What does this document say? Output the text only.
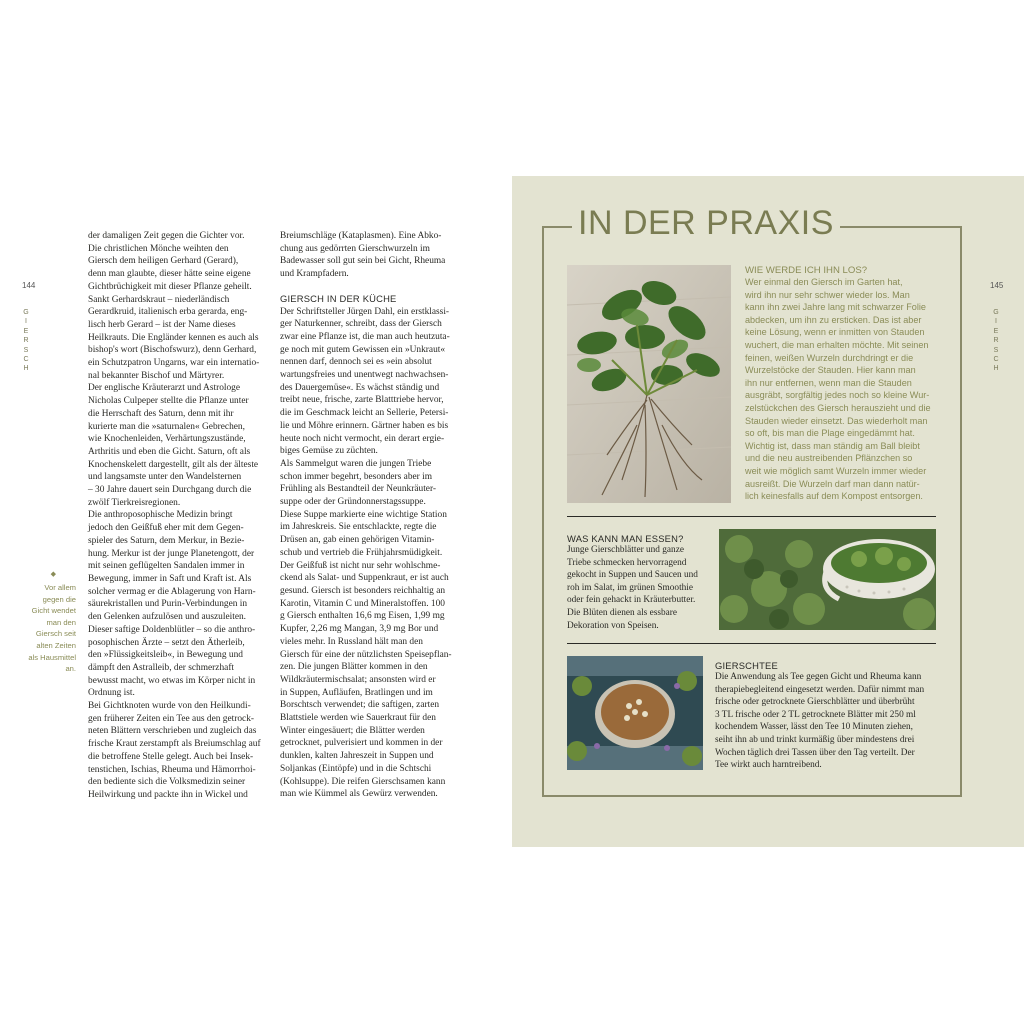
144
G
I
E
R
S
C
H
◆
Vor allem gegen die Gicht wendet man den Giersch seit alten Zeiten als Hausmittel an.

der damaligen Zeit gegen die Gichter vor.

Die christlichen Mönche weihten den

Giersch dem heiligen Gerhard (Gerard),

denn man glaubte, dieser hätte seine eigene

Gichtbrüchigkeit mit dieser Pflanze geheilt.

Sankt Gerhardskraut – niederländisch

Gerardkruid, italienisch erba gerarda, eng-

lisch herb Gerard – ist der Name dieses

Heilkrauts. Die Engländer kennen es auch als

bishop's wort (Bischofswurz), denn Gerhard,

ein Schutzpatron Ungarns, war ein internatio-

nal bekannter Bischof und Märtyrer.

Der englische Kräuterarzt und Astrologe

Nicholas Culpeper stellte die Pflanze unter

die Herrschaft des Saturn, denn mit ihr

kurierte man die »saturnalen« Gebrechen,

wie Knochenleiden, Verhärtungszustände,

Arthritis und eben die Gicht. Saturn, oft als

Knochenskelett dargestellt, gilt als der älteste

und langsamste unter den Wandelsternen

– 30 Jahre dauert sein Durchgang durch die

zwölf Tierkreisregionen.

Die anthroposophische Medizin bringt

jedoch den Geißfuß eher mit dem Gegen-

spieler des Saturn, dem Merkur, in Bezie-

hung. Merkur ist der junge Planetengott, der

mit seinen geflügelten Sandalen immer in

Bewegung, immer in Saft und Kraft ist. Als

solcher vermag er die Ablagerung von Harn-

säurekristallen und Purin-Verbindungen in

den Gelenken aufzulösen und auszuleiten.

Dieser saftige Doldenblütler – so die anthro-

posophischen Ärzte – setzt den Ätherleib,

den »Flüssigkeitsleib«, in Bewegung und

dämpft den Astralleib, der schmerzhaft

bewusst macht, wo etwas im Körper nicht in

Ordnung ist.

Bei Gichtknoten wurde von den Heilkundi-

gen früherer Zeiten ein Tee aus den getrock-

neten Blättern verschrieben und zugleich das

frische Kraut zerstampft als Breiumschlag auf

die betroffene Stelle gelegt. Auch bei Insek-

tenstichen, Ischias, Rheuma und Hämorrhoi-

den bediente sich die Volksmedizin seiner

Heilwirkung und packte ihn in Wickel und

Breiumschläge (Kataplasmen). Eine Abko-

chung aus gedörrten Gierschwurzeln im

Badewasser soll gut sein bei Gicht, Rheuma

und Krampfadern.

GIERSCH IN DER KÜCHE

Der Schriftsteller Jürgen Dahl, ein erstklassi-

ger Naturkenner, schreibt, dass der Giersch

zwar eine Pflanze ist, die man auch heutzuta-

ge noch mit gutem Gewissen ein »Unkraut«

nennen darf, dennoch sei es »ein absolut

wartungsfreies und unentwegt nachwachsen-

des Dauergemüse«. Es wächst ständig und

treibt neue, frische, zarte Blatttriebe hervor,

die im Geschmack leicht an Sellerie, Petersi-

lie und Möhre erinnern. Gärtner haben es bis

heute noch nicht vermocht, ein derart ergie-

biges Gemüse zu züchten.

Als Sammelgut waren die jungen Triebe

schon immer begehrt, besonders aber im

Frühling als Bestandteil der Neunkräuter-

suppe oder der Gründonnerstagssuppe.

Diese Suppe markierte eine wichtige Station

im Jahreskreis. Sie entschlackte, regte die

Drüsen an, gab einen gehörigen Vitamin-

schub und vertrieb die Frühjahrsmüdigkeit.

Der Geißfuß ist nicht nur sehr wohlschme-

ckend als Salat- und Suppenkraut, er ist auch

gesund. Giersch ist besonders reichhaltig an

Karotin, Vitamin C und Mineralstoffen. 100

g Giersch enthalten 16,6 mg Eisen, 1,99 mg

Kupfer, 2,26 mg Mangan, 3,9 mg Bor und

vieles mehr. In Russland hält man den

Giersch für eine der nützlichsten Speisepflan-

zen. Die jungen Blätter kommen in den

Wildkräutermischsalat; ansonsten wird er

in Suppen, Aufläufen, Bratlingen und im

Borschtsch verwendet; die saftigen, zarten

Blattstiele werden wie Sauerkraut für den

Winter eingesäuert; die Blätter werden

getrocknet, pulverisiert und kommen in der

dunklen, kalten Jahreszeit in Suppen und

Soljankas (Eintöpfe) und in die Schtschi

(Kohlsuppe). Die reifen Gierschsamen kann

man wie Kümmel als Gewürz verwenden.

IN DER PRAXIS

WIE WERDE ICH IHN LOS?

Wer einmal den Giersch im Garten hat,

wird ihn nur sehr schwer wieder los. Man

kann ihn zwei Jahre lang mit schwarzer Folie

abdecken, um ihn zu ersticken. Das ist aber

keine Lösung, wenn er inmitten von Stauden

wuchert, die man erhalten möchte. Mit seinen

feinen, weißen Wurzeln durchdringt er die

Wurzelstöcke der Stauden. Hier kann man

ihn nur entfernen, wenn man die Stauden

ausgräbt, sorgfältig jedes noch so kleine Wur-

zelstückchen des Giersch herauszieht und die

Stauden wieder einsetzt. Das wiederholt man

so oft, bis man die Plage eingedämmt hat.

Wichtig ist, dass man ständig am Ball bleibt

und die neu austreibenden Pflänzchen so

weit wie möglich samt Wurzeln immer wieder

ausreißt. Die Wurzeln darf man dann natür-

lich keinesfalls auf dem Kompost entsorgen.

WAS KANN MAN ESSEN?

Junge Gierschblätter und ganze

Triebe schmecken hervorragend

gekocht in Suppen und Saucen und

roh im Salat, im grünen Smoothie

oder fein gehackt in Kräuterbutter.

Die Blüten dienen als essbare

Dekoration von Speisen.

GIERSCHTEE

Die Anwendung als Tee gegen Gicht und Rheuma kann

therapiebegleitend eingesetzt werden. Dafür nimmt man

frische oder getrocknete Gierschblätter und überbrüht

3 TL frische oder 2 TL getrocknete Blätter mit 250 ml

kochendem Wasser, lässt den Tee 10 Minuten ziehen,

seiht ihn ab und trinkt kurmäßig über mindestens drei

Wochen täglich drei Tassen über den Tag verteilt. Der

Tee wirkt auch harntreibend.

145
G
I
E
R
S
C
H
